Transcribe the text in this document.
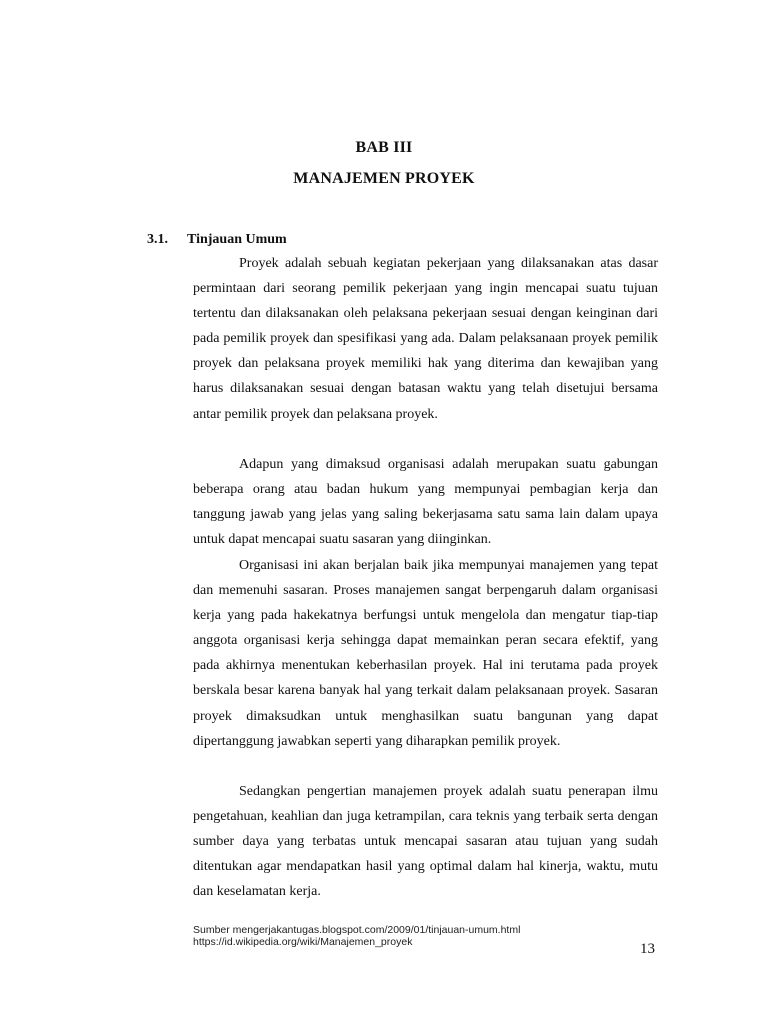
BAB III
MANAJEMEN PROYEK
3.1. Tinjauan Umum

Proyek adalah sebuah kegiatan pekerjaan yang dilaksanakan atas dasar permintaan dari seorang pemilik pekerjaan yang ingin mencapai suatu tujuan tertentu dan dilaksanakan oleh pelaksana pekerjaan sesuai dengan keinginan dari pada pemilik proyek dan spesifikasi yang ada. Dalam pelaksanaan proyek pemilik proyek dan pelaksana proyek memiliki hak yang diterima dan kewajiban yang harus dilaksanakan sesuai dengan batasan waktu yang telah disetujui bersama antar pemilik proyek dan pelaksana proyek.

Adapun yang dimaksud organisasi adalah merupakan suatu gabungan beberapa orang atau badan hukum yang mempunyai pembagian kerja dan tanggung jawab yang jelas yang saling bekerjasama satu sama lain dalam upaya untuk dapat mencapai suatu sasaran yang diinginkan.

Organisasi ini akan berjalan baik jika mempunyai manajemen yang tepat dan memenuhi sasaran. Proses manajemen sangat berpengaruh dalam organisasi kerja yang pada hakekatnya berfungsi untuk mengelola dan mengatur tiap-tiap anggota organisasi kerja sehingga dapat memainkan peran secara efektif, yang pada akhirnya menentukan keberhasilan proyek. Hal ini terutama pada proyek berskala besar karena banyak hal yang terkait dalam pelaksanaan proyek. Sasaran proyek dimaksudkan untuk menghasilkan suatu bangunan yang dapat dipertanggung jawabkan seperti yang diharapkan pemilik proyek.

Sedangkan pengertian manajemen proyek adalah suatu penerapan ilmu pengetahuan, keahlian dan juga ketrampilan, cara teknis yang terbaik serta dengan sumber daya yang terbatas untuk mencapai sasaran atau tujuan yang sudah ditentukan agar mendapatkan hasil yang optimal dalam hal kinerja, waktu, mutu dan keselamatan kerja.

Sumber mengerjakantugas.blogspot.com/2009/01/tinjauan-umum.html
https://id.wikipedia.org/wiki/Manajemen_proyek	13
